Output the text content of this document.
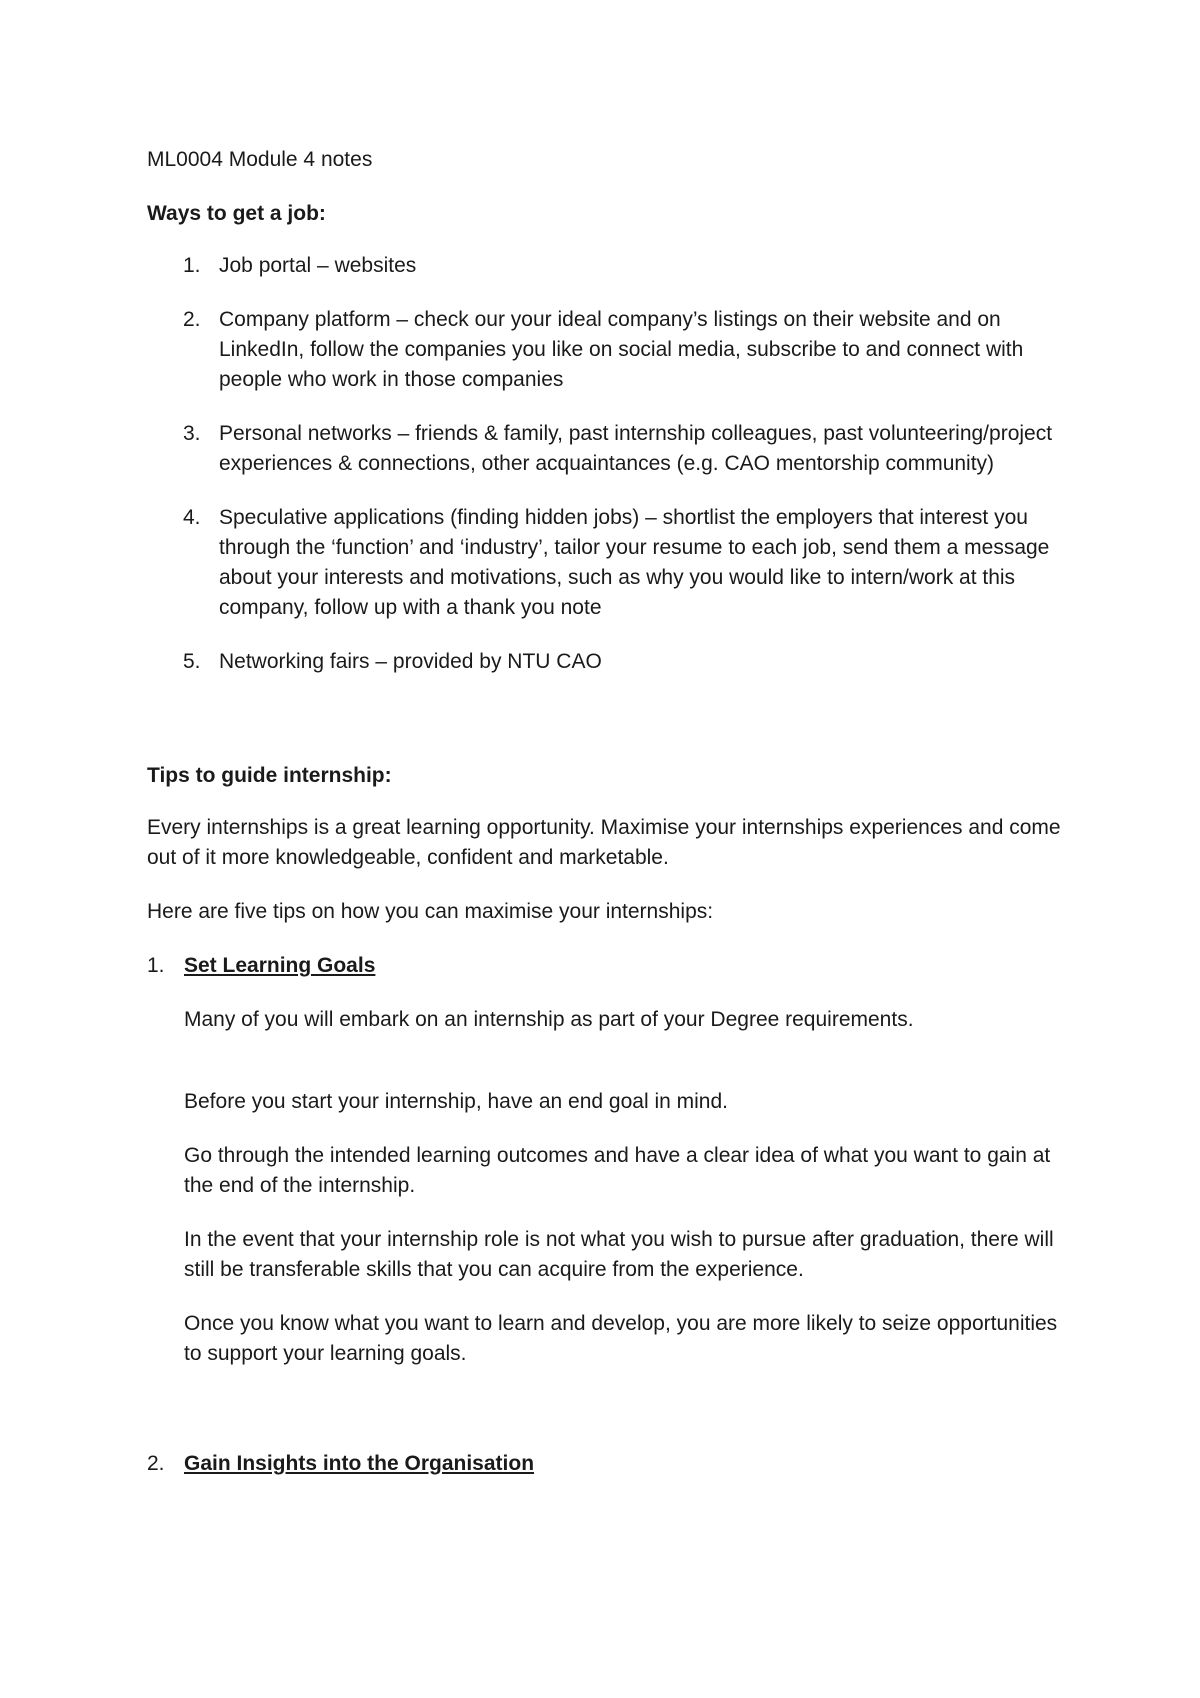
ML0004 Module 4 notes
Ways to get a job:
1. Job portal – websites
2. Company platform – check our your ideal company’s listings on their website and on LinkedIn, follow the companies you like on social media, subscribe to and connect with people who work in those companies
3. Personal networks – friends & family, past internship colleagues, past volunteering/project experiences & connections, other acquaintances (e.g. CAO mentorship community)
4. Speculative applications (finding hidden jobs) – shortlist the employers that interest you through the ‘function’ and ‘industry’, tailor your resume to each job, send them a message about your interests and motivations, such as why you would like to intern/work at this company, follow up with a thank you note
5. Networking fairs – provided by NTU CAO
Tips to guide internship:

Every internships is a great learning opportunity. Maximise your internships experiences and come out of it more knowledgeable, confident and marketable.

Here are five tips on how you can maximise your internships:

1. Set Learning Goals

Many of you will embark on an internship as part of your Degree requirements.

Before you start your internship, have an end goal in mind.

Go through the intended learning outcomes and have a clear idea of what you want to gain at the end of the internship.

In the event that your internship role is not what you wish to pursue after graduation, there will still be transferable skills that you can acquire from the experience.

Once you know what you want to learn and develop, you are more likely to seize opportunities to support your learning goals.

2. Gain Insights into the Organisation
